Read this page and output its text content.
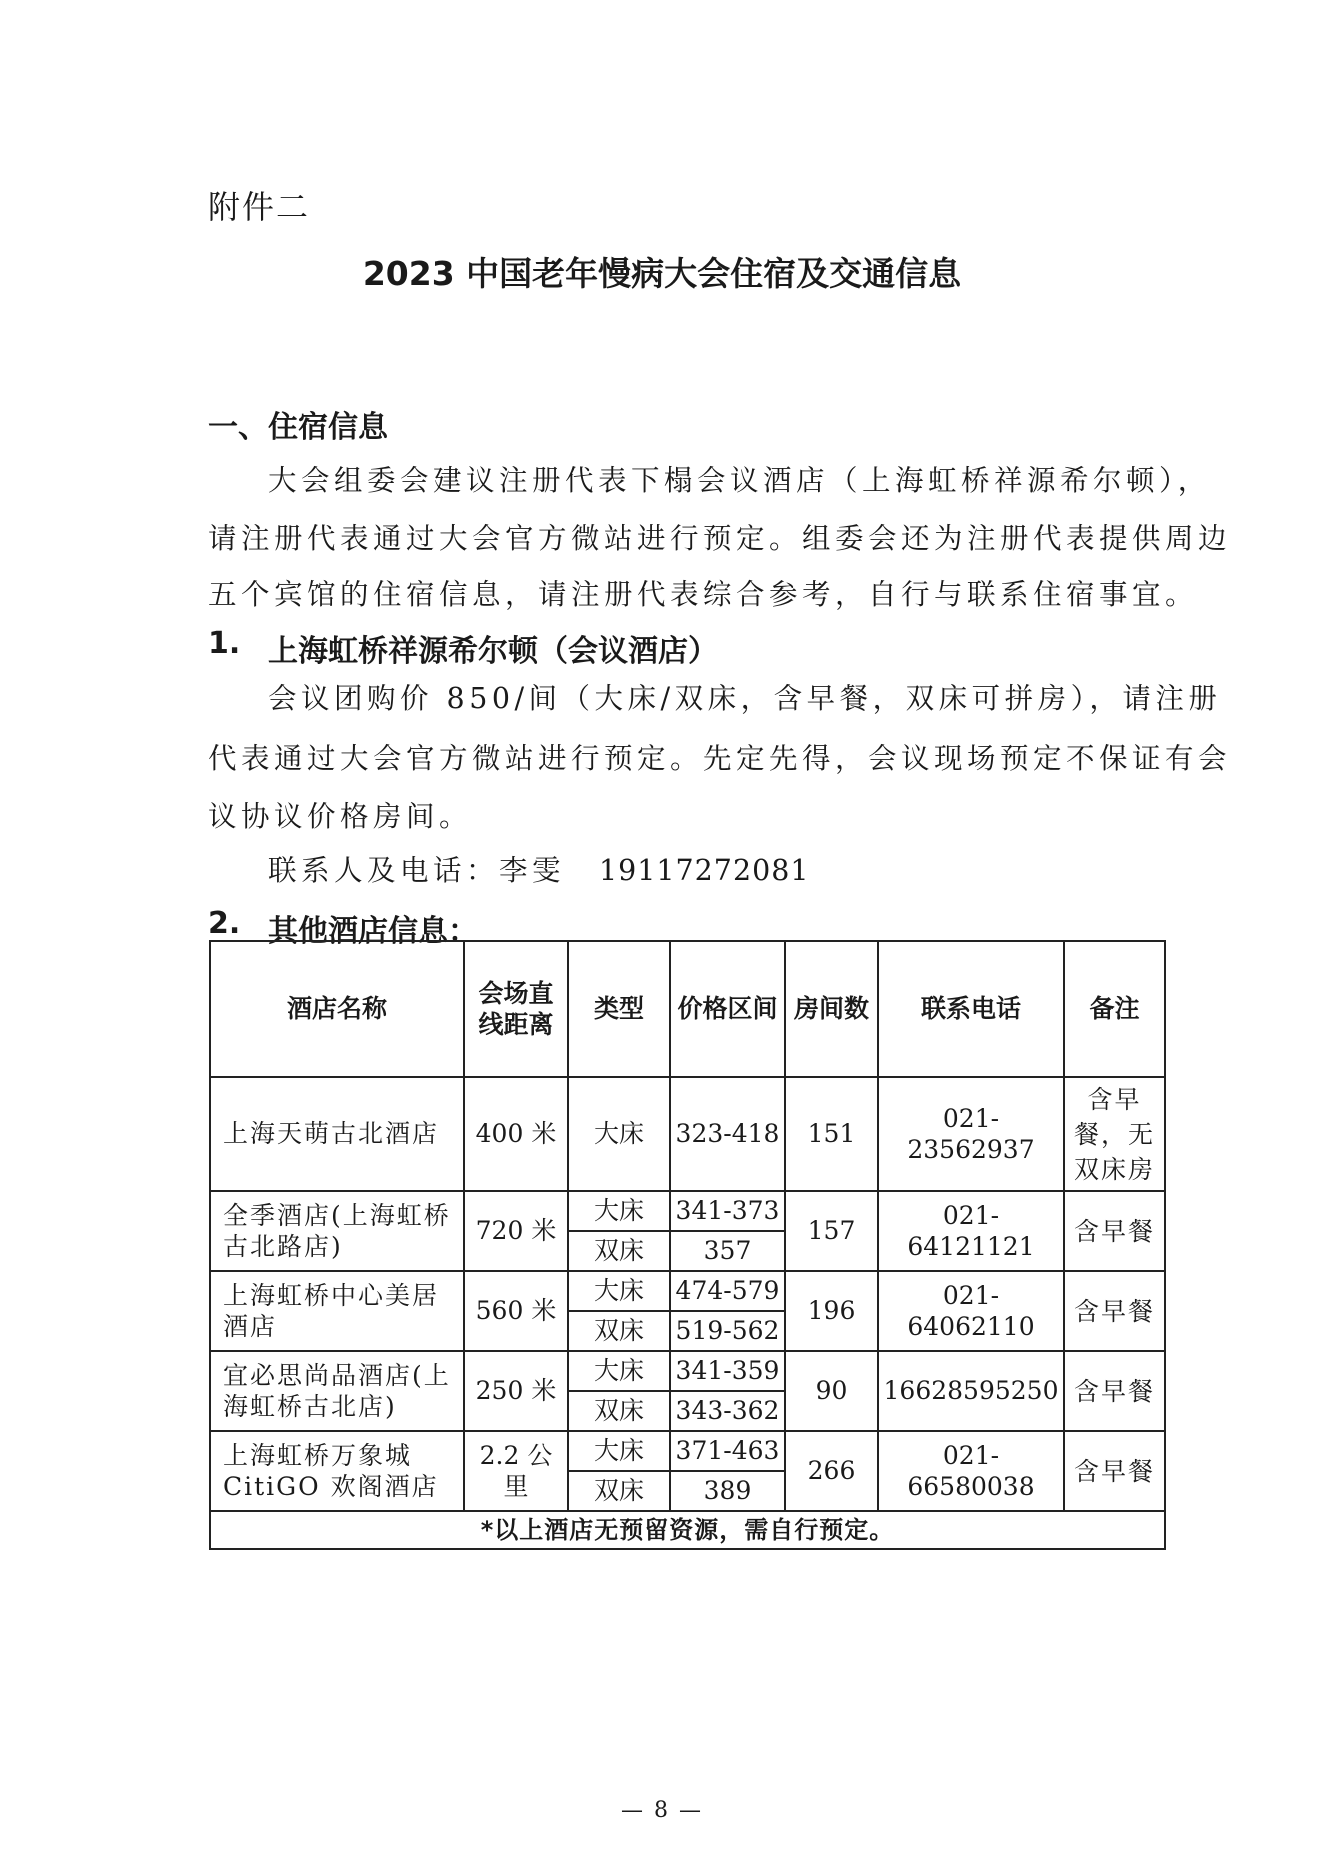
附件二
2023 中国老年慢病大会住宿及交通信息
一、住宿信息
大会组委会建议注册代表下榻会议酒店（上海虹桥祥源希尔顿），
请注册代表通过大会官方微站进行预定。组委会还为注册代表提供周边
五个宾馆的住宿信息，请注册代表综合参考，自行与联系住宿事宜。
1. 上海虹桥祥源希尔顿（会议酒店）
会议团购价 850/间（大床/双床，含早餐，双床可拼房），请注册
代表通过大会官方微站进行预定。先定先得，会议现场预定不保证有会
议协议价格房间。
联系人及电话：李雯 19117272081
2. 其他酒店信息：
酒店名称	会场直线距离	类型	价格区间	房间数	联系电话	备注
上海天萌古北酒店	400 米	大床	323-418	151	021-23562937	含早餐，无双床房
全季酒店(上海虹桥古北路店)	720 米	大床	341-373	157	021-64121121	含早餐
		双床	357			
上海虹桥中心美居酒店	560 米	大床	474-579	196	021-64062110	含早餐
		双床	519-562			
宜必思尚品酒店(上海虹桥古北店)	250 米	大床	341-359	90	16628595250	含早餐
		双床	343-362			
上海虹桥万象城 CitiGO 欢阁酒店	2.2 公里	大床	371-463	266	021-66580038	含早餐
		双床	389			
*以上酒店无预留资源，需自行预定。						
— 8 —
